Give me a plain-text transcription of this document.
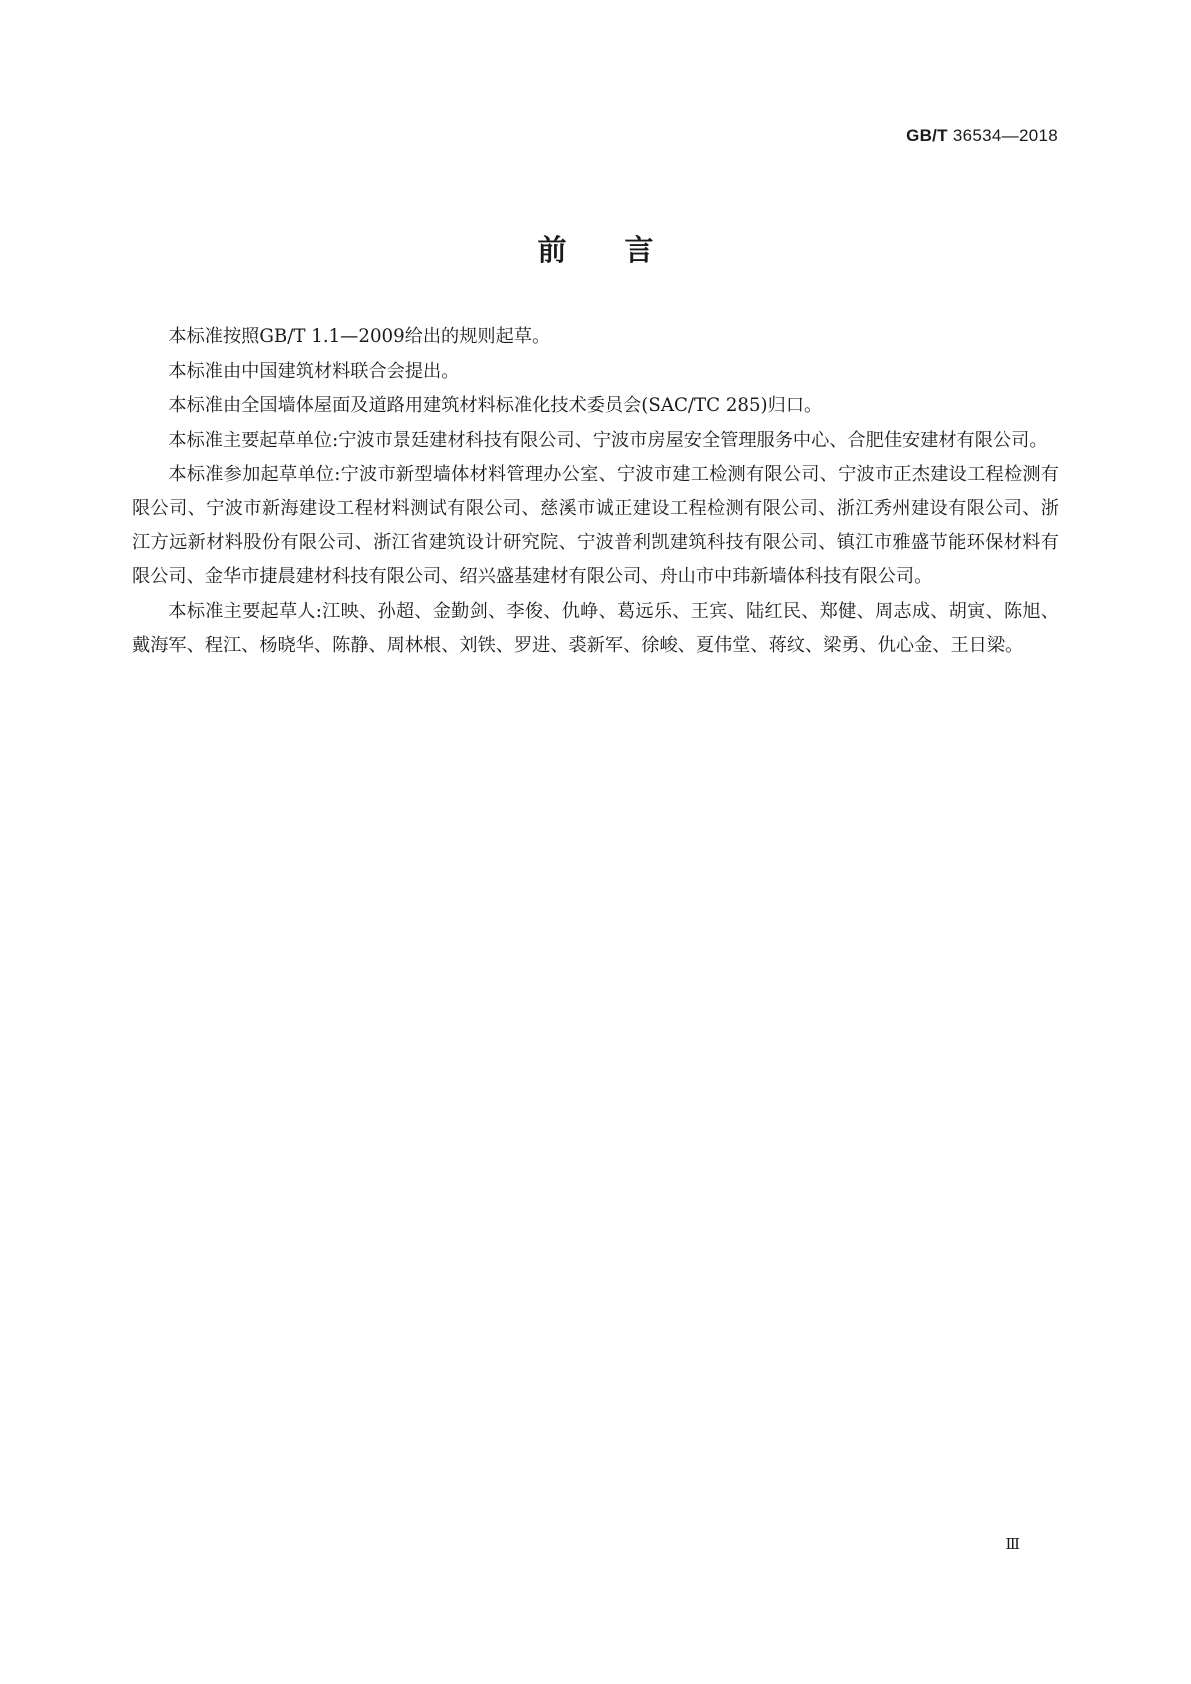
GB/T 36534—2018
前言

本标准按照GB/T 1.1—2009给出的规则起草。

本标准由中国建筑材料联合会提出。

本标准由全国墙体屋面及道路用建筑材料标准化技术委员会(SAC/TC 285)归口。

本标准主要起草单位:宁波市景廷建材科技有限公司、宁波市房屋安全管理服务中心、合肥佳安建材有限公司。

本标准参加起草单位:宁波市新型墙体材料管理办公室、宁波市建工检测有限公司、宁波市正杰建设工程检测有限公司、宁波市新海建设工程材料测试有限公司、慈溪市诚正建设工程检测有限公司、浙江秀州建设有限公司、浙江方远新材料股份有限公司、浙江省建筑设计研究院、宁波普利凯建筑科技有限公司、镇江市雅盛节能环保材料有限公司、金华市捷晨建材科技有限公司、绍兴盛基建材有限公司、舟山市中玮新墙体科技有限公司。

本标准主要起草人:江映、孙超、金勤剑、李俊、仇峥、葛远乐、王宾、陆红民、郑健、周志成、胡寅、陈旭、戴海军、程江、杨晓华、陈静、周林根、刘铁、罗进、裘新军、徐峻、夏伟堂、蒋纹、梁勇、仇心金、王日梁。

Ⅲ
